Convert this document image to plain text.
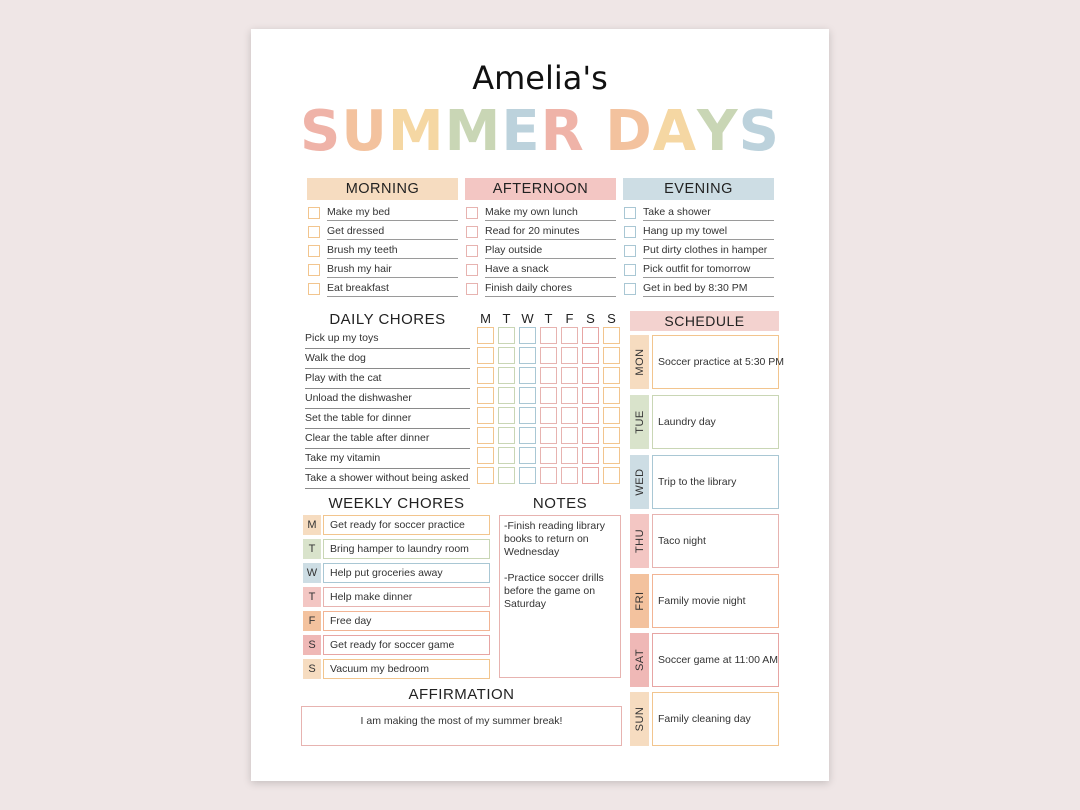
Amelia's
SUMMER DAYS
MORNING
Make my bed
Get dressed
Brush my teeth
Brush my hair
Eat breakfast
AFTERNOON
Make my own lunch
Read for 20 minutes
Play outside
Have a snack
Finish daily chores
EVENING
Take a shower
Hang up my towel
Put dirty clothes in hamper
Pick outfit for tomorrow
Get in bed by 8:30 PM
DAILY CHORES
Pick up my toys
Walk the dog
Play with the cat
Unload the dishwasher
Set the table for dinner
Clear the table after dinner
Take my vitamin
Take a shower without being asked
M T W T	F S S
WEEKLY CHORES
M	Get ready for soccer practice
T	Bring hamper to laundry room
W	Help put groceries away
T	Help make dinner
F	Free day
S	Get ready for soccer game
S	Vacuum my bedroom
NOTES

-Finish reading library books to return on Wednesday

-Practice soccer drills before the game on Saturday

AFFIRMATION
I am making the most of my summer break!
SCHEDULE
MON	Soccer practice at 5:30 PM
TUE	Laundry day
WED	Trip to the library
THU	Taco night
FRI	Family movie night
SAT	Soccer game at 11:00 AM
SUN	Family cleaning day
